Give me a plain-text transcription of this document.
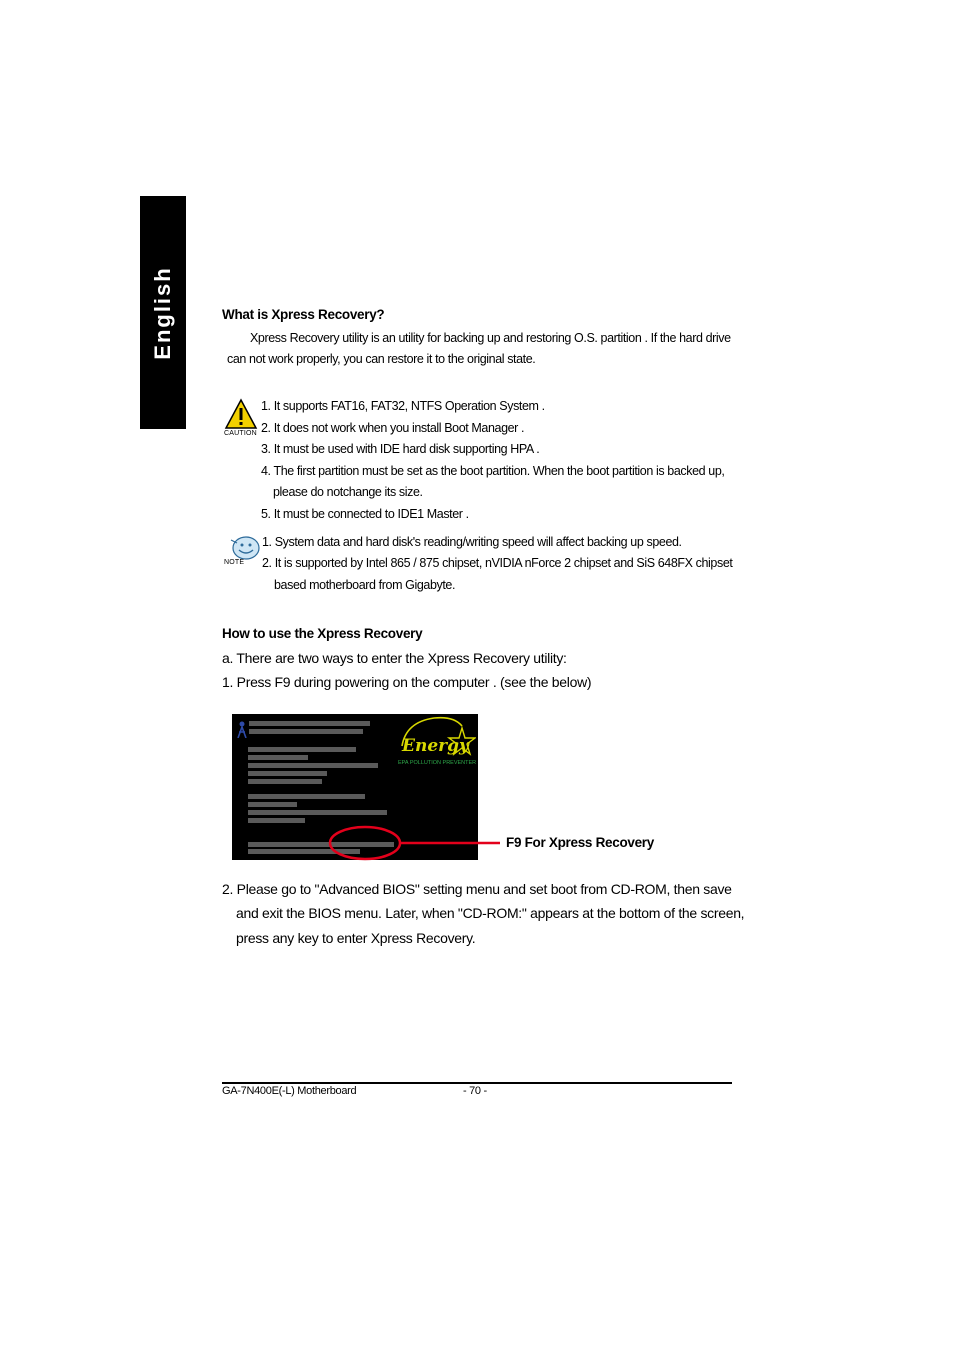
English	What is Xpress Recovery?
Xpress Recovery utility is an utility for backing up and restoring O.S. partition . If the hard drive
can not work properly, you can restore it to the original state.
CAUTION
1. It supports FAT16, FAT32, NTFS Operation System .
2. It does not work when you install Boot Manager .
3. It must be used with IDE hard disk supporting HPA .
4. The first partition must be set as the boot partition. When the boot partition is backed up,
please do notchange its size.
5. It must be connected to IDE1 Master .
NOTE
1. System data and hard disk's reading/writing speed will affect backing up speed.
2. It is supported by Intel 865 / 875 chipset, nVIDIA nForce 2 chipset and SiS 648FX chipset
based motherboard from Gigabyte.
How to use the Xpress Recovery
a. There are two ways to enter the Xpress Recovery utility:
1. Press F9 during powering on the computer . (see the below)
Energy
EPA POLLUTION PREVENTER
F9 For Xpress Recovery
2. Please go to "Advanced BIOS" setting menu and set boot from CD-ROM, then save
and exit the BIOS menu. Later, when "CD-ROM:" appears at the bottom of the screen,
press any key to enter Xpress Recovery.
GA-7N400E(-L) Motherboard	- 70 -
